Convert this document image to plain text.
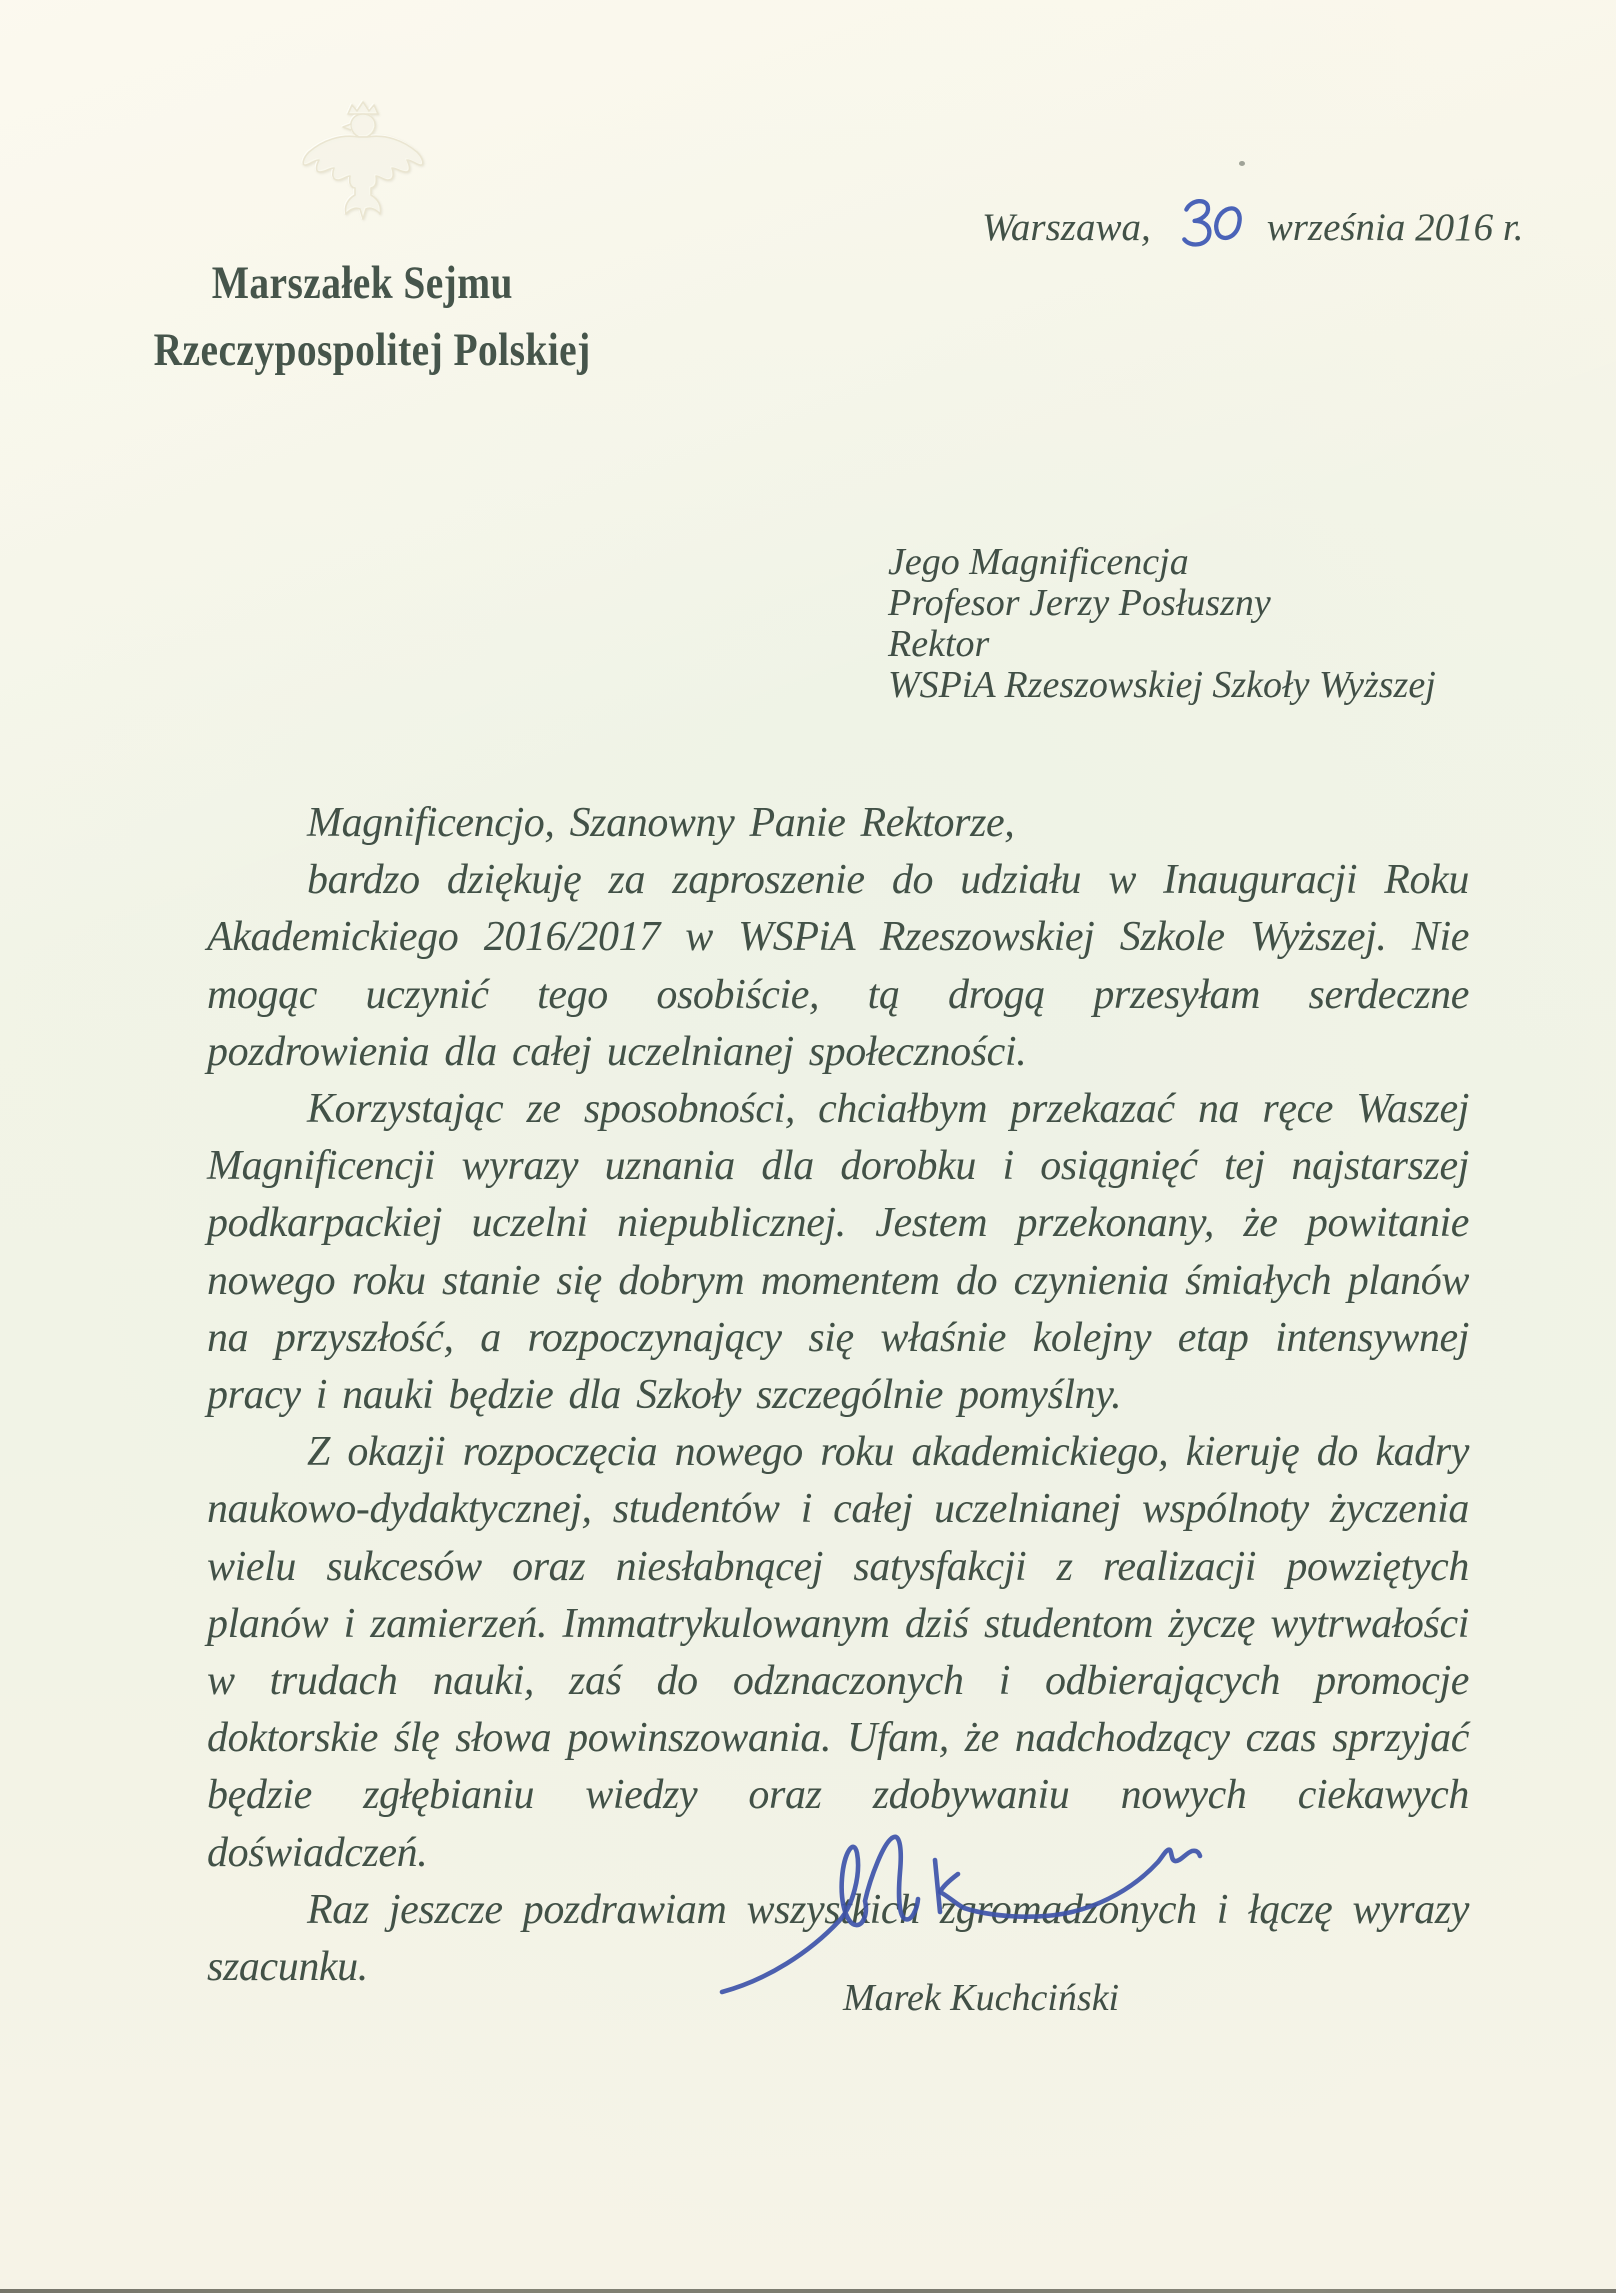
Warszawa,	września 2016 r.
Marszałek Sejmu
Rzeczypospolitej Polskiej
Jego Magnificencja
Profesor Jerzy Posłuszny
Rektor
WSPiA Rzeszowskiej Szkoły Wyższej

Magnificencjo, Szanowny Panie Rektorze,

bardzo dziękuję za zaproszenie do udziału w Inauguracji Roku Akademickiego 2016/2017 w WSPiA Rzeszowskiej Szkole Wyższej. Nie mogąc uczynić tego osobiście, tą drogą przesyłam serdeczne pozdrowienia dla całej uczelnianej społeczności.

Korzystając ze sposobności, chciałbym przekazać na ręce Waszej Magnificencji wyrazy uznania dla dorobku i osiągnięć tej najstarszej podkarpackiej uczelni niepublicznej. Jestem przekonany, że powitanie nowego roku stanie się dobrym momentem do czynienia śmiałych planów na przyszłość, a rozpoczynający się właśnie kolejny etap intensywnej pracy i nauki będzie dla Szkoły szczególnie pomyślny.

Z okazji rozpoczęcia nowego roku akademickiego, kieruję do kadry naukowo-dydaktycznej, studentów i całej uczelnianej wspólnoty życzenia wielu sukcesów oraz niesłabnącej satysfakcji z realizacji powziętych planów i zamierzeń. Immatrykulowanym dziś studentom życzę wytrwałości w trudach nauki, zaś do odznaczonych i odbierających promocje doktorskie ślę słowa powinszowania. Ufam, że nadchodzący czas sprzyjać będzie zgłębianiu wiedzy oraz zdobywaniu nowych ciekawych doświadczeń.

Raz jeszcze pozdrawiam wszystkich zgromadzonych i łączę wyrazy szacunku.

Marek Kuchciński
